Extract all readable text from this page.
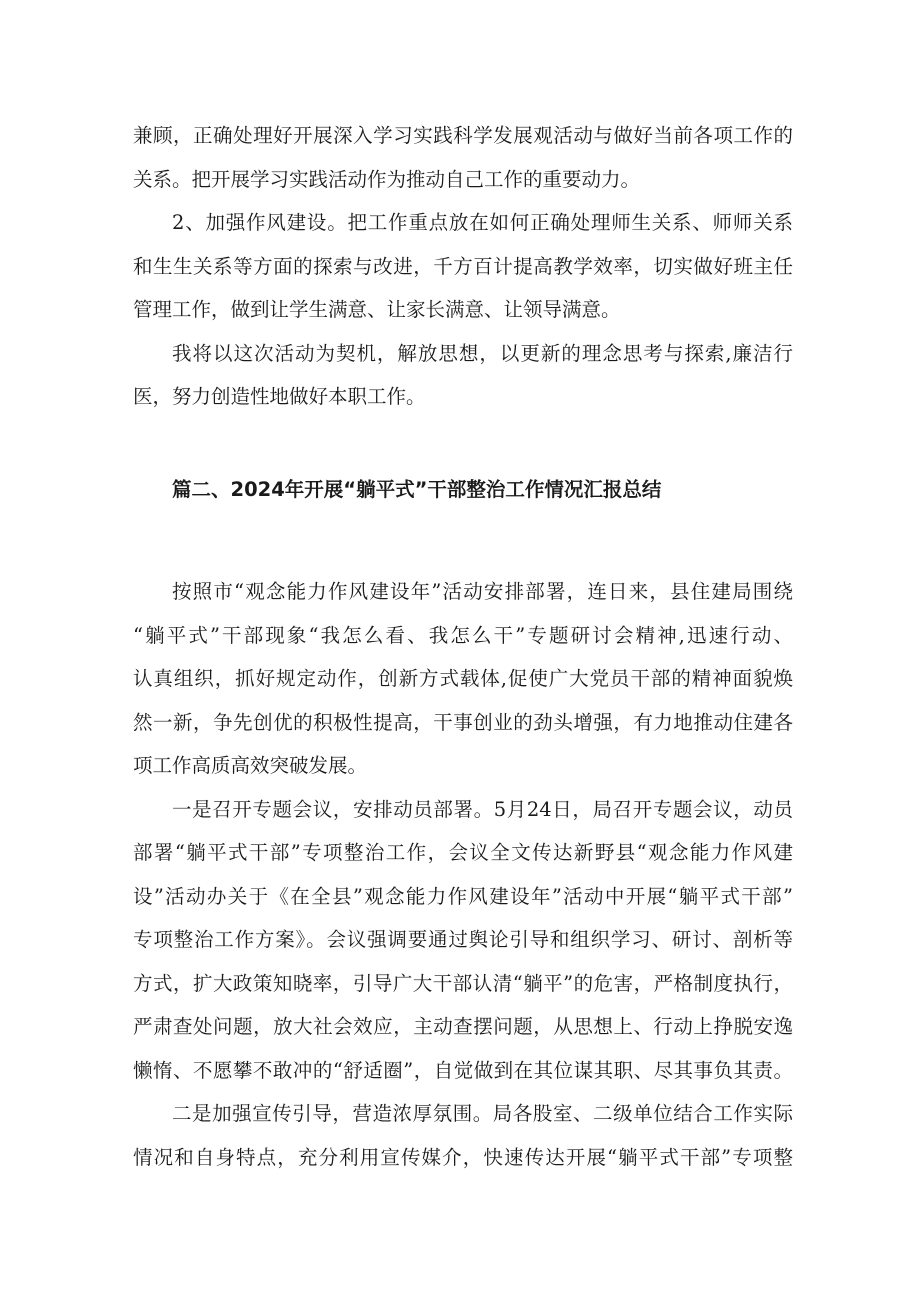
兼顾，正确处理好开展深入学习实践科学发展观活动与做好当前各项工作的
关系。把开展学习实践活动作为推动自己工作的重要动力。
2、加强作风建设。把工作重点放在如何正确处理师生关系、师师关系
和生生关系等方面的探索与改进，千方百计提高教学效率，切实做好班主任
管理工作，做到让学生满意、让家长满意、让领导满意。
我将以这次活动为契机，解放思想，以更新的理念思考与探索,廉洁行
医，努力创造性地做好本职工作。
篇二、2024年开展“躺平式”干部整治工作情况汇报总结
按照市“观念能力作风建设年”活动安排部署，连日来，县住建局围绕
“躺平式”干部现象“我怎么看、我怎么干”专题研讨会精神,迅速行动、
认真组织，抓好规定动作，创新方式载体,促使广大党员干部的精神面貌焕
然一新，争先创优的积极性提高，干事创业的劲头增强，有力地推动住建各
项工作高质高效突破发展。
一是召开专题会议，安排动员部署。5月24日，局召开专题会议，动员
部署“躺平式干部”专项整治工作，会议全文传达新野县“观念能力作风建
设”活动办关于《在全县”观念能力作风建设年”活动中开展“躺平式干部”
专项整治工作方案》。会议强调要通过舆论引导和组织学习、研讨、剖析等
方式，扩大政策知晓率，引导广大干部认清“躺平”的危害，严格制度执行，
严肃查处问题，放大社会效应，主动查摆问题，从思想上、行动上挣脱安逸
懒惰、不愿攀不敢冲的“舒适圈”，自觉做到在其位谋其职、尽其事负其责。
二是加强宣传引导，营造浓厚氛围。局各股室、二级单位结合工作实际
情况和自身特点，充分利用宣传媒介，快速传达开展“躺平式干部”专项整
